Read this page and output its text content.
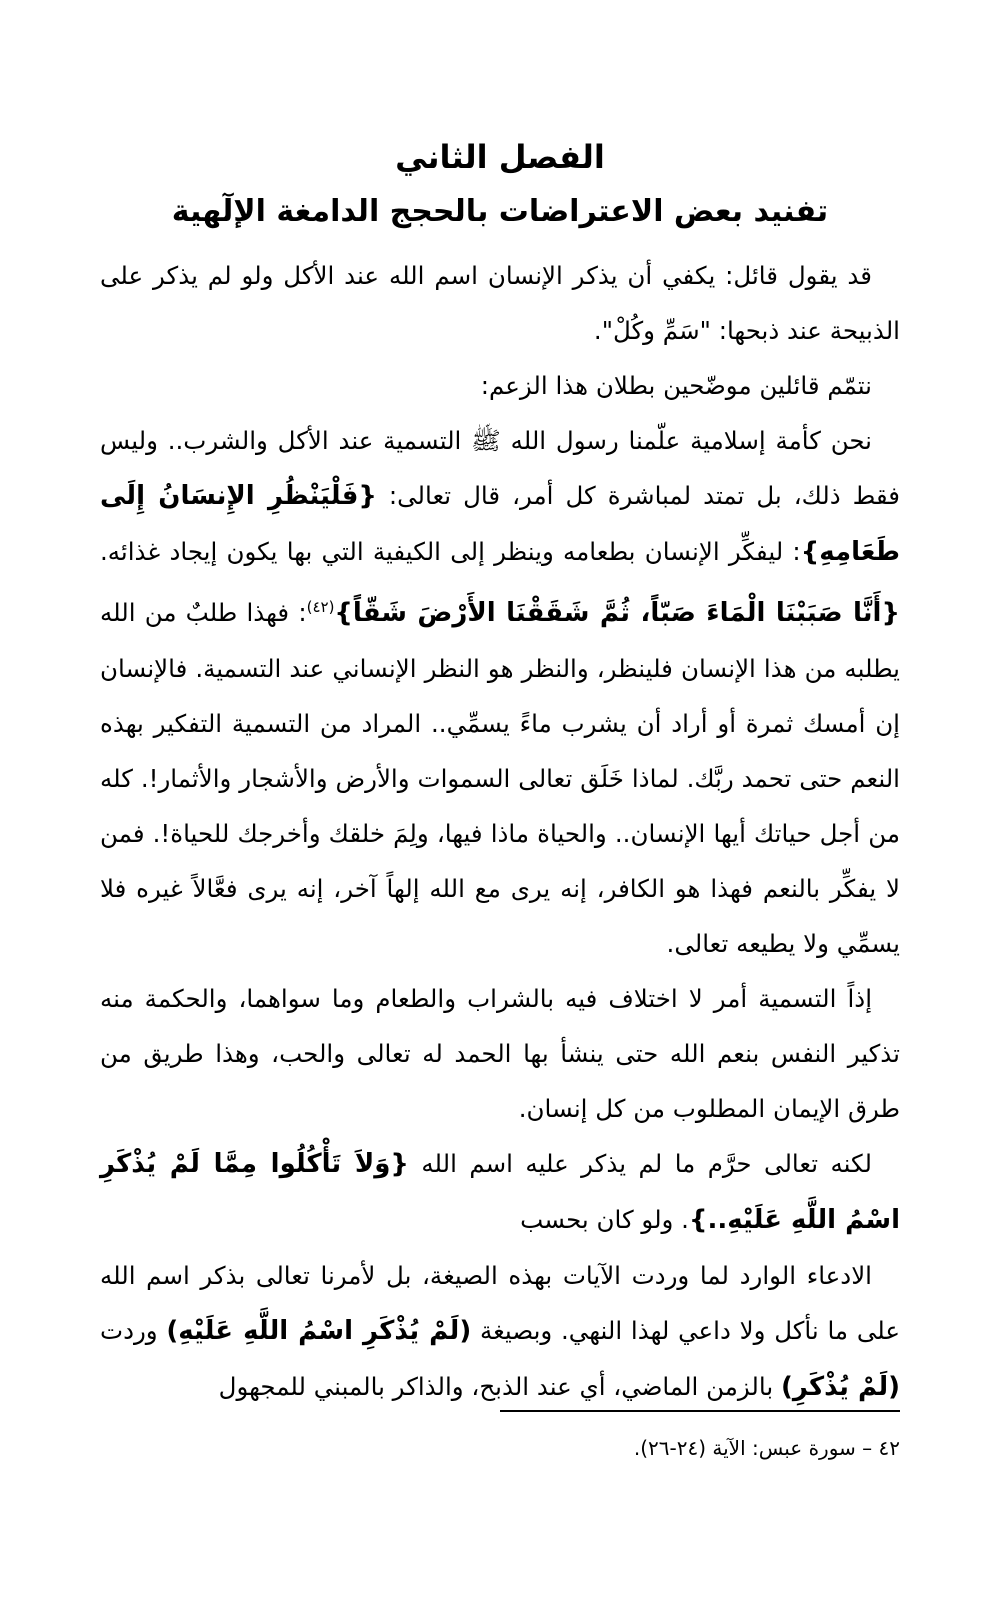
الفصل الثاني
تفنيد بعض الاعتراضات بالحجج الدامغة الإلٓهية

قد يقول قائل: يكفي أن يذكر الإنسان اسم الله عند الأكل ولو لم يذكر على الذبيحة عند ذبحها: "سَمِّ وكُلْ".

نتمّم قائلين موضّحين بطلان هذا الزعم:

نحن كأمة إسلامية علّمنا رسول الله ﷺ التسمية عند الأكل والشرب.. وليس فقط ذلك، بل تمتد لمباشرة كل أمر، قال تعالى: {فَلْيَنْظُرِ الإِنسَانُ إِلَى طَعَامِهِ}: ليفكِّر الإنسان بطعامه وينظر إلى الكيفية التي بها يكون إيجاد غذائه. {أَنَّا صَبَبْنَا الْمَاءَ صَبّاً، ثُمَّ شَقَقْنَا الأَرْضَ شَقّاً}$^{(٤٢)}$: فهذا طلبٌ من الله يطلبه من هذا الإنسان فلينظر، والنظر هو النظر الإنساني عند التسمية. فالإنسان إن أمسك ثمرة أو أراد أن يشرب ماءً يسمِّي.. المراد من التسمية التفكير بهذه النعم حتى تحمد ربَّك. لماذا خَلَق تعالى السموات والأرض والأشجار والأثمار!. كله من أجل حياتك أيها الإنسان.. والحياة ماذا فيها، ولِمَ خلقك وأخرجك للحياة!. فمن لا يفكِّر بالنعم فهذا هو الكافر، إنه يرى مع الله إلهاً آخر، إنه يرى فعَّالاً غيره فلا يسمِّي ولا يطيعه تعالى.

إذاً التسمية أمر لا اختلاف فيه بالشراب والطعام وما سواهما، والحكمة منه تذكير النفس بنعم الله حتى ينشأ بها الحمد له تعالى والحب، وهذا طريق من طرق الإيمان المطلوب من كل إنسان.

لكنه تعالى حرَّم ما لم يذكر عليه اسم الله {وَلاَ تَأْكُلُوا مِمَّا لَمْ يُذْكَرِ اسْمُ اللَّهِ عَلَيْهِ..}. ولو كان بحسب

الادعاء الوارد لما وردت الآيات بهذه الصيغة، بل لأمرنا تعالى بذكر اسم الله على ما نأكل ولا داعي لهذا النهي. وبصيغة (لَمْ يُذْكَرِ اسْمُ اللَّهِ عَلَيْهِ) وردت (لَمْ يُذْكَرِ) بالزمن الماضي، أي عند الذبح، والذاكر بالمبني للمجهول

٤٢ – سورة عبس: الآية (٢٤-٢٦).
